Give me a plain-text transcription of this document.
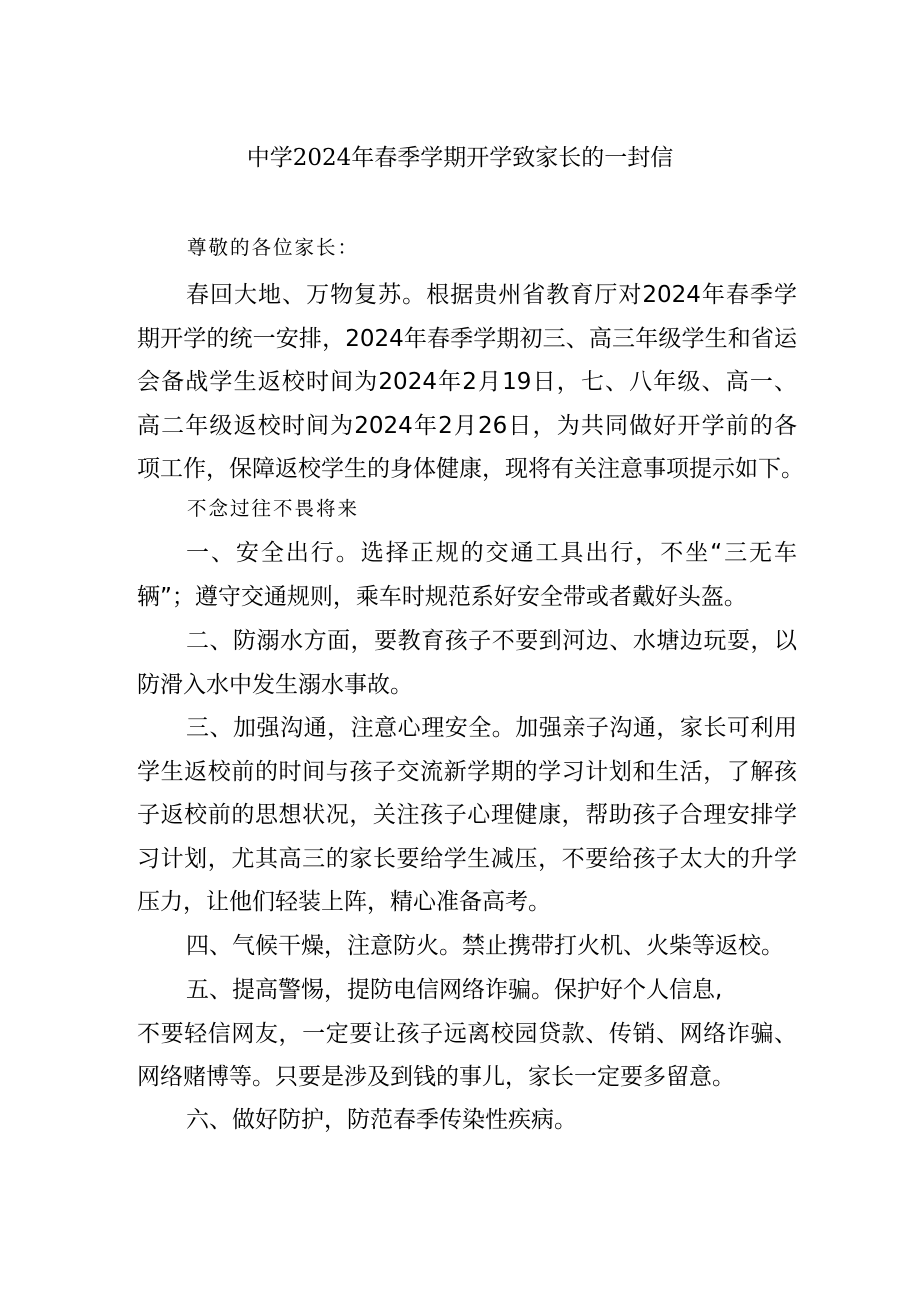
中学2024年春季学期开学致家长的一封信
尊敬的各位家长：
春回大地、万物复苏。根据贵州省教育厅对2024年春季学
期开学的统一安排，2024年春季学期初三、高三年级学生和省运
会备战学生返校时间为2024年2月19日，七、八年级、高一、
高二年级返校时间为2024年2月26日，为共同做好开学前的各
项工作，保障返校学生的身体健康，现将有关注意事项提示如下。
不念过往不畏将来
一、安全出行。选择正规的交通工具出行，不坐“三无车
辆”；遵守交通规则，乘车时规范系好安全带或者戴好头盔。
二、防溺水方面，要教育孩子不要到河边、水塘边玩耍，以
防滑入水中发生溺水事故。
三、加强沟通，注意心理安全。加强亲子沟通，家长可利用
学生返校前的时间与孩子交流新学期的学习计划和生活，了解孩
子返校前的思想状况，关注孩子心理健康，帮助孩子合理安排学
习计划，尤其高三的家长要给学生减压，不要给孩子太大的升学
压力，让他们轻装上阵，精心准备高考。
四、气候干燥，注意防火。禁止携带打火机、火柴等返校。
五、提高警惕，提防电信网络诈骗。保护好个人信息,
不要轻信网友，一定要让孩子远离校园贷款、传销、网络诈骗、
网络赌博等。只要是涉及到钱的事儿，家长一定要多留意。
六、做好防护，防范春季传染性疾病。
